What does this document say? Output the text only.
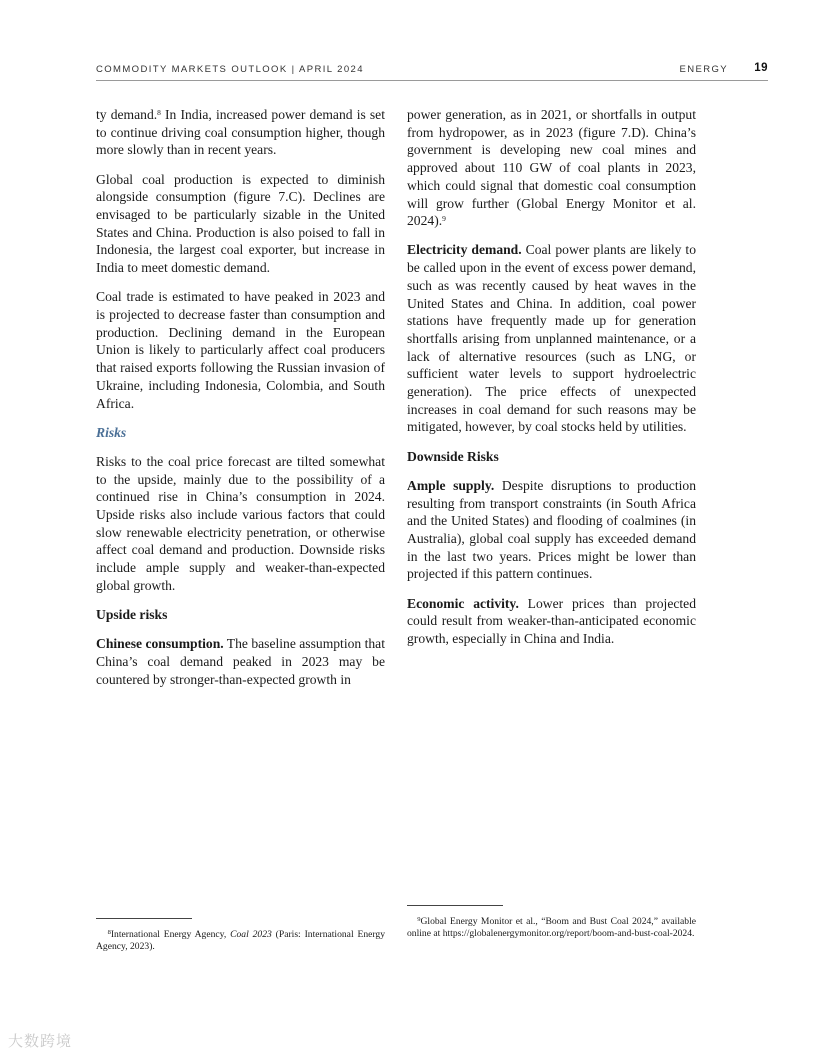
COMMODITY MARKETS OUTLOOK | APRIL 2024	ENERGY 19

ty demand.$^8$ In India, increased power demand is set to continue driving coal consumption higher, though more slowly than in recent years.

Global coal production is expected to diminish alongside consumption (figure 7.C). Declines are envisaged to be particularly sizable in the United States and China. Production is also poised to fall in Indonesia, the largest coal exporter, but increase in India to meet domestic demand.

Coal trade is estimated to have peaked in 2023 and is projected to decrease faster than consumption and production. Declining demand in the European Union is likely to particularly affect coal producers that raised exports following the Russian invasion of Ukraine, including Indonesia, Colombia, and South Africa.

Risks

Risks to the coal price forecast are tilted somewhat to the upside, mainly due to the possibility of a continued rise in China’s consumption in 2024. Upside risks also include various factors that could slow renewable electricity penetration, or otherwise affect coal demand and production. Downside risks include ample supply and weaker-than-expected global growth.

Upside risks

Chinese consumption. The baseline assumption that China’s coal demand peaked in 2023 may be countered by stronger-than-expected growth in

power generation, as in 2021, or shortfalls in output from hydropower, as in 2023 (figure 7.D). China’s government is developing new coal mines and approved about 110 GW of coal plants in 2023, which could signal that domestic coal consumption will grow further (Global Energy Monitor et al. 2024).$^9$

Electricity demand. Coal power plants are likely to be called upon in the event of excess power demand, such as was recently caused by heat waves in the United States and China. In addition, coal power stations have frequently made up for generation shortfalls arising from unplanned maintenance, or a lack of alternative resources (such as LNG, or sufficient water levels to support hydroelectric generation). The price effects of unexpected increases in coal demand for such reasons may be mitigated, however, by coal stocks held by utilities.

Downside Risks

Ample supply. Despite disruptions to production resulting from transport constraints (in South Africa and the United States) and flooding of coalmines (in Australia), global coal supply has exceeded demand in the last two years. Prices might be lower than projected if this pattern continues.

Economic activity. Lower prices than projected could result from weaker-than-anticipated economic growth, especially in China and India.

$^8$International Energy Agency, Coal 2023 (Paris: International Energy Agency, 2023).
$^9$Global Energy Monitor et al., “Boom and Bust Coal 2024,” available online at https://globalenergymonitor.org/report/boom-and-bust-coal-2024.
大数跨境
